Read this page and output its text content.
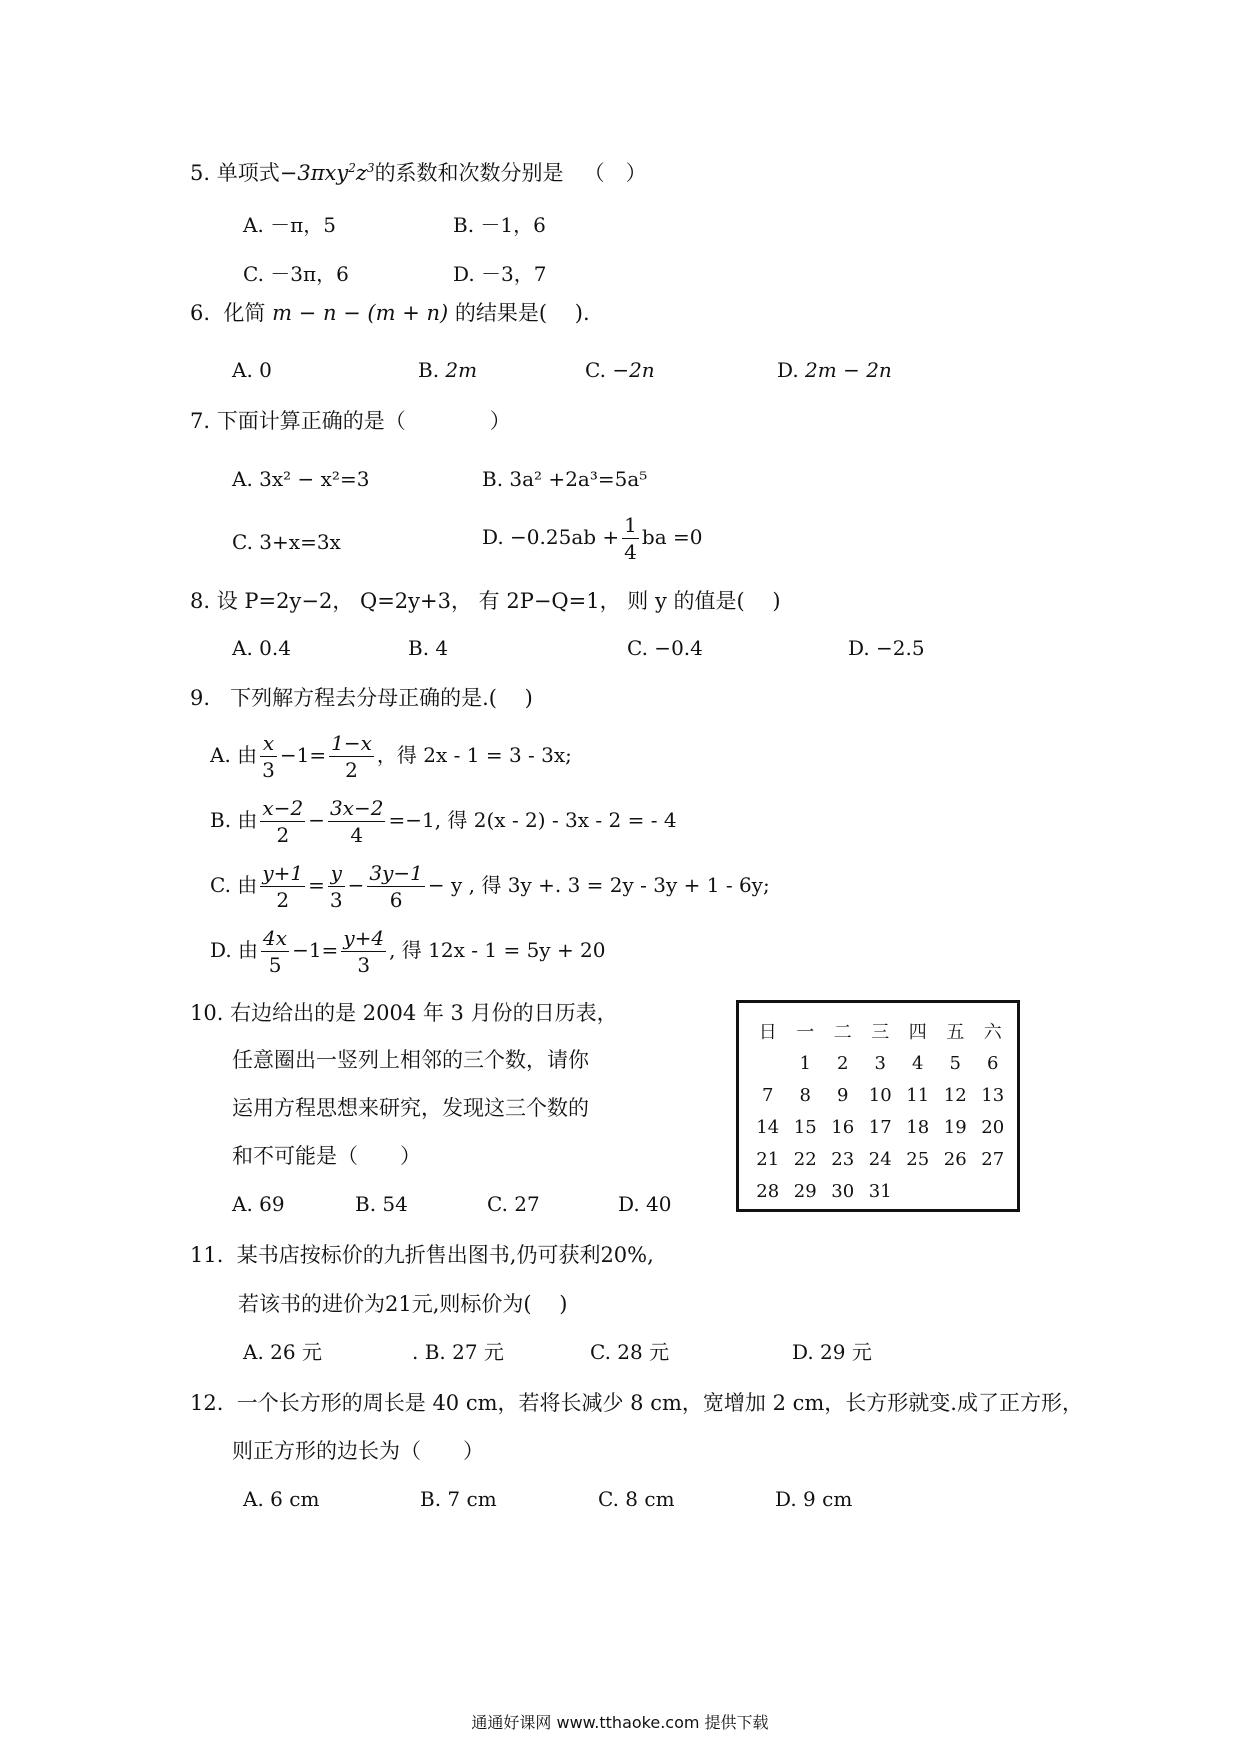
5. 单项式$-3\pi xy^2z^3$的系数和次数分别是 （　）
A. －π，5	B. －1，6
C. －3π，6	D. －3，7
6. 化简 m − n − (m + n) 的结果是(　 ).
A. 0	B. 2m	C. −2n	D. 2m − 2n
7. 下面计算正确的是（　　　　）
A. 3x² − x²=3	B. 3a² +2a³=5a⁵
C. 3+x=3x	D. $-0.25ab + \frac{1}{4}$ ba =0
8. 设 P=2y−2， Q=2y+3， 有 2P−Q=1， 则 y 的值是(　 )
A. 0.4	B. 4	C. −0.4	D. −2.5
9. 下列解方程去分母正确的是.(　 )
A. 由 $\frac{x}{3} -1= \frac{1-x}{2}$ ，得 2x - 1 = 3 - 3x;
B. 由 $\frac{x-2}{2} - \frac{3x-2}{4} =-1$, 得 2(x - 2) - 3x - 2 = - 4
C. 由 $\frac{y+1}{2} = \frac{y}{3} - \frac{3y-1}{6} - y$ , 得 3y +. 3 = 2y - 3y + 1 - 6y;
D. 由 $\frac{4x}{5} -1= \frac{y+4}{3}$ , 得 12x - 1 = 5y + 20
10. 右边给出的是 2004 年 3 月份的日历表，
任意圈出一竖列上相邻的三个数，请你
运用方程思想来研究，发现这三个数的
和不可能是（　　）
A. 69	B. 54	C. 27	D. 40
日	一	二	三	四	五	六
	1	2	3	4	5	6
7	8	9	10	11	12	13
14	15	16	17	18	19	20
21	22	23	24	25	26	27
28	29	30	31			
11. 某书店按标价的九折售出图书,仍可获利20%,
若该书的进价为21元,则标价为(　 )
A. 26 元	. B. 27 元	C. 28 元	D. 29 元
12. 一个长方形的周长是 40 cm，若将长减少 8 cm，宽增加 2 cm，长方形就变.成了正方形，
则正方形的边长为（　　）
A. 6 cm	B. 7 cm	C. 8 cm	D. 9 cm
通通好课网 www.tthaoke.com 提供下载
